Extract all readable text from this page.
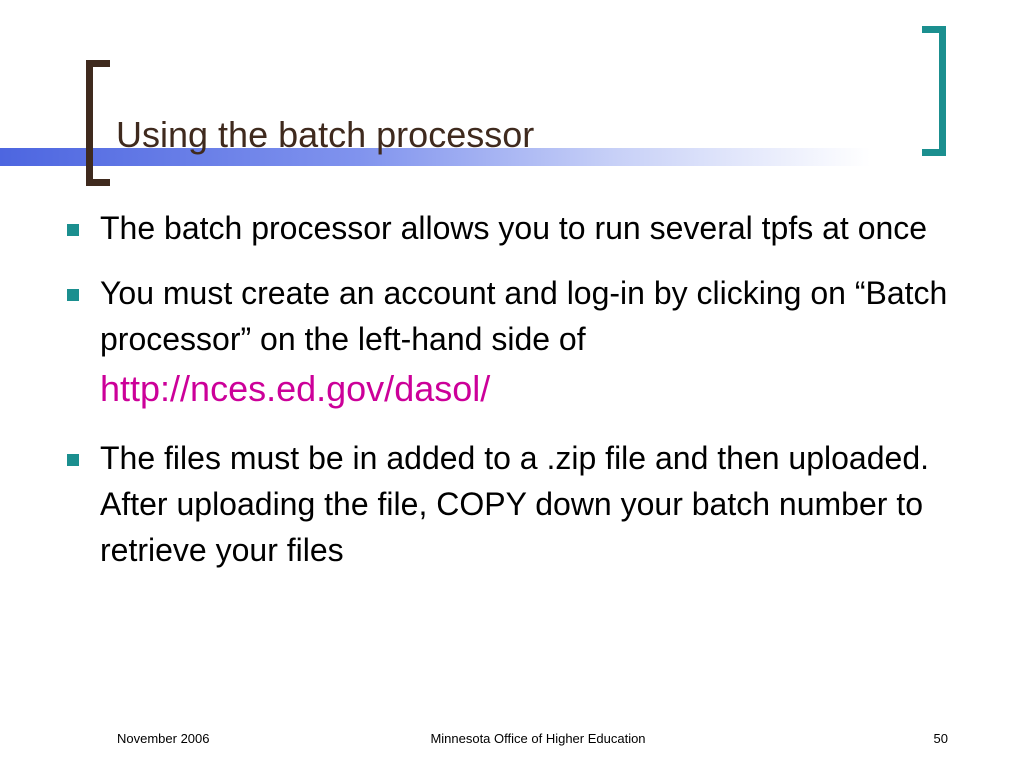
Using the batch processor
The batch processor allows you to run several tpfs at once
You must create an account and log-in by clicking on “Batch processor” on the left-hand side of
http://nces.ed.gov/dasol/
The files must be in added to a .zip file and then uploaded. After uploading the file, COPY down your batch number to retrieve your files
November 2006	Minnesota Office of Higher Education	50
